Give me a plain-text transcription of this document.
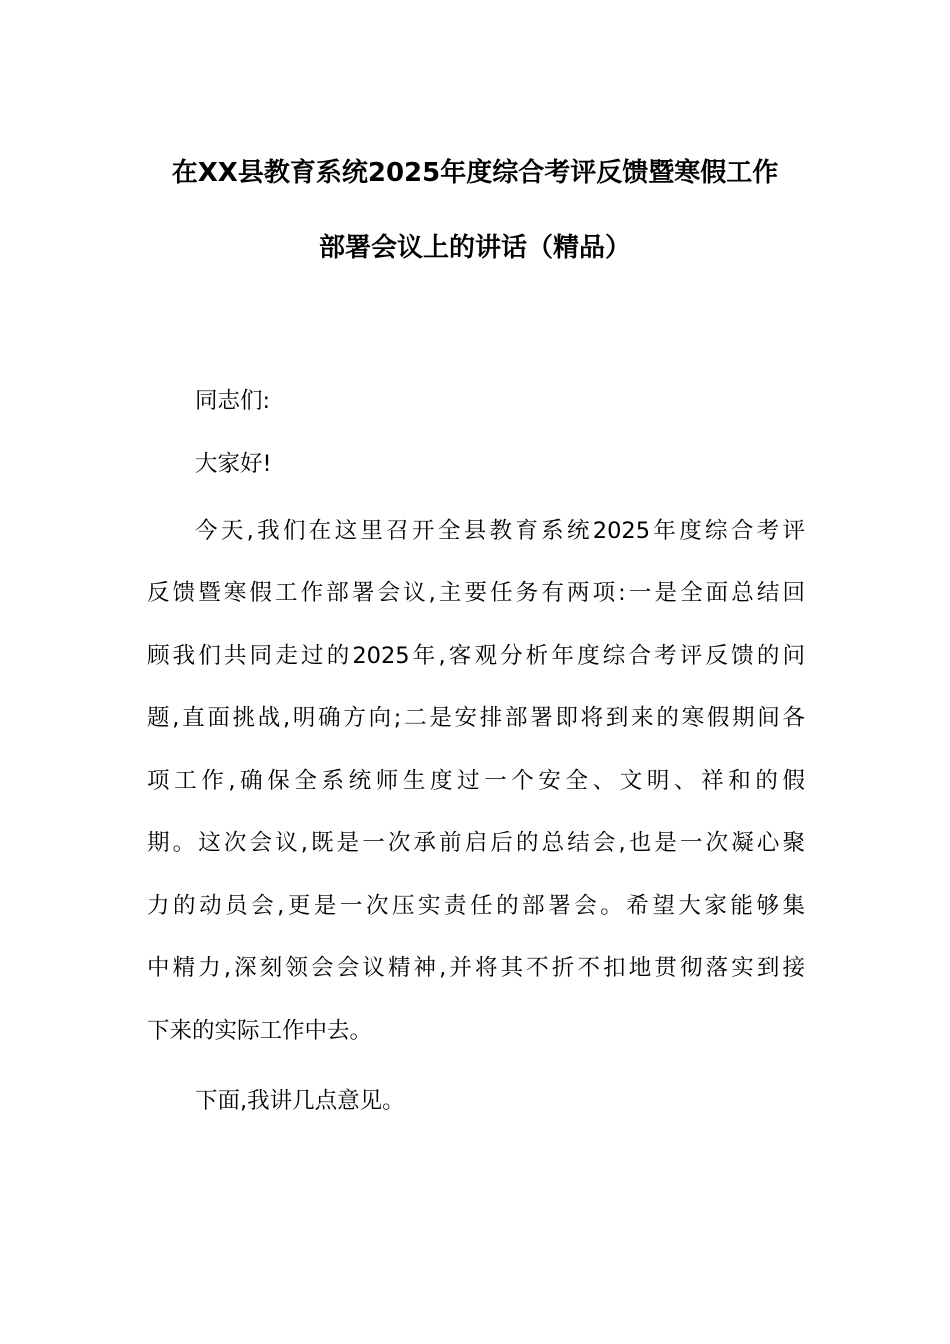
在XX县教育系统2025年度综合考评反馈暨寒假工作
部署会议上的讲话（精品）
同志们:
大家好!
今天,我们在这里召开全县教育系统2025年度综合考评
反馈暨寒假工作部署会议,主要任务有两项:一是全面总结回
顾我们共同走过的2025年,客观分析年度综合考评反馈的问
题,直面挑战,明确方向;二是安排部署即将到来的寒假期间各
项工作,确保全系统师生度过一个安全、文明、祥和的假
期。这次会议,既是一次承前启后的总结会,也是一次凝心聚
力的动员会,更是一次压实责任的部署会。希望大家能够集
中精力,深刻领会会议精神,并将其不折不扣地贯彻落实到接
下来的实际工作中去。
下面,我讲几点意见。
